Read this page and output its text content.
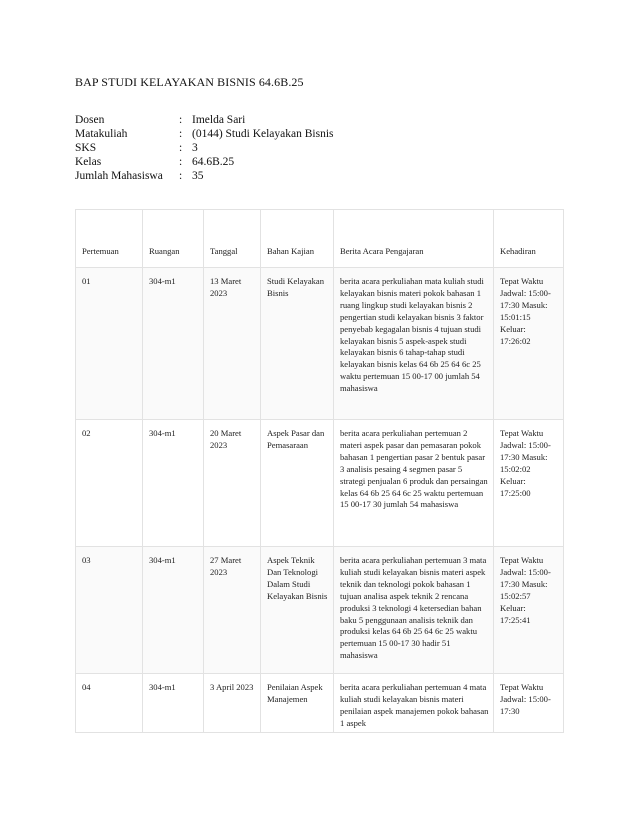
BAP STUDI KELAYAKAN BISNIS 64.6B.25
Dosen	: Imelda Sari
Matakuliah	: (0144) Studi Kelayakan Bisnis
SKS	: 3
Kelas	: 64.6B.25
Jumlah Mahasiswa	: 35
Pertemuan	Ruangan	Tanggal	Bahan Kajian	Berita Acara Pengajaran	Kehadiran
01	304-m1	13 Maret 2023	Studi Kelayakan Bisnis	berita acara perkuliahan mata kuliah studi kelayakan bisnis materi pokok bahasan 1 ruang lingkup studi kelayakan bisnis 2 pengertian studi kelayakan bisnis 3 faktor penyebab kegagalan bisnis 4 tujuan studi kelayakan bisnis 5 aspek-aspek studi kelayakan bisnis 6 tahap-tahap studi kelayakan bisnis kelas 64 6b 25 64 6c 25 waktu pertemuan 15 00-17 00 jumlah 54 mahasiswa	Tepat Waktu Jadwal: 15:00-17:30 Masuk: 15:01:15 Keluar: 17:26:02
02	304-m1	20 Maret 2023	Aspek Pasar dan Pemasaraan	berita acara perkuliahan pertemuan 2 materi aspek pasar dan pemasaran pokok bahasan 1 pengertian pasar 2 bentuk pasar 3 analisis pesaing 4 segmen pasar 5 strategi penjualan 6 produk dan persaingan kelas 64 6b 25 64 6c 25 waktu pertemuan 15 00-17 30 jumlah 54 mahasiswa	Tepat Waktu Jadwal: 15:00-17:30 Masuk: 15:02:02 Keluar: 17:25:00
03	304-m1	27 Maret 2023	Aspek Teknik Dan Teknologi Dalam Studi Kelayakan Bisnis	berita acara perkuliahan pertemuan 3 mata kuliah studi kelayakan bisnis materi aspek teknik dan teknologi pokok bahasan 1 tujuan analisa aspek teknik 2 rencana produksi 3 teknologi 4 ketersedian bahan baku 5 penggunaan analisis teknik dan produksi kelas 64 6b 25 64 6c 25 waktu pertemuan 15 00-17 30 hadir 51 mahasiswa	Tepat Waktu Jadwal: 15:00-17:30 Masuk: 15:02:57 Keluar: 17:25:41
04	304-m1	3 April 2023	Penilaian Aspek Manajemen	berita acara perkuliahan pertemuan 4 mata kuliah studi kelayakan bisnis materi penilaian aspek manajemen pokok bahasan 1 aspek	Tepat Waktu Jadwal: 15:00-17:30
